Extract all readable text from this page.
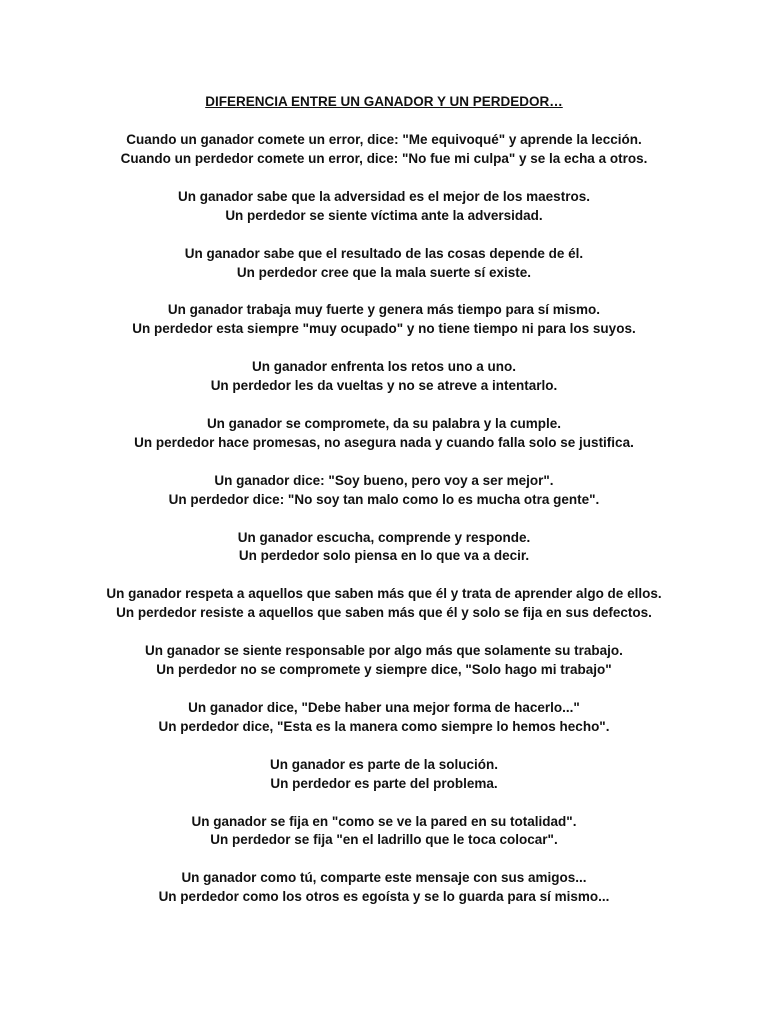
DIFERENCIA ENTRE UN GANADOR Y UN PERDEDOR…
Cuando un ganador comete un error, dice: "Me equivoqué" y aprende la lección.
Cuando un perdedor comete un error, dice: "No fue mi culpa" y se la echa a otros.
Un ganador sabe que la adversidad es el mejor de los maestros.
Un perdedor se siente víctima ante la adversidad.
Un ganador sabe que el resultado de las cosas depende de él.
Un perdedor cree que la mala suerte sí existe.
Un ganador trabaja muy fuerte y genera más tiempo para sí mismo.
Un perdedor esta siempre "muy ocupado" y no tiene tiempo ni para los suyos.
Un ganador enfrenta los retos uno a uno.
Un perdedor les da vueltas y no se atreve a intentarlo.
Un ganador se compromete, da su palabra y la cumple.
Un perdedor hace promesas, no asegura nada y cuando falla solo se justifica.
Un ganador dice: "Soy bueno, pero voy a ser mejor".
Un perdedor dice: "No soy tan malo como lo es mucha otra gente".
Un ganador escucha, comprende y responde.
Un perdedor solo piensa en lo que va a decir.
Un ganador respeta a aquellos que saben más que él y trata de aprender algo de ellos.
Un perdedor resiste a aquellos que saben más que él y solo se fija en sus defectos.
Un ganador se siente responsable por algo más que solamente su trabajo.
Un perdedor no se compromete y siempre dice, "Solo hago mi trabajo"
Un ganador dice, "Debe haber una mejor forma de hacerlo..."
Un perdedor dice, "Esta es la manera como siempre lo hemos hecho".
Un ganador es parte de la solución.
Un perdedor es parte del problema.
Un ganador se fija en "como se ve la pared en su totalidad".
Un perdedor se fija "en el ladrillo que le toca colocar".
Un ganador como tú, comparte este mensaje con sus amigos...
Un perdedor como los otros es egoísta y se lo guarda para sí mismo...
